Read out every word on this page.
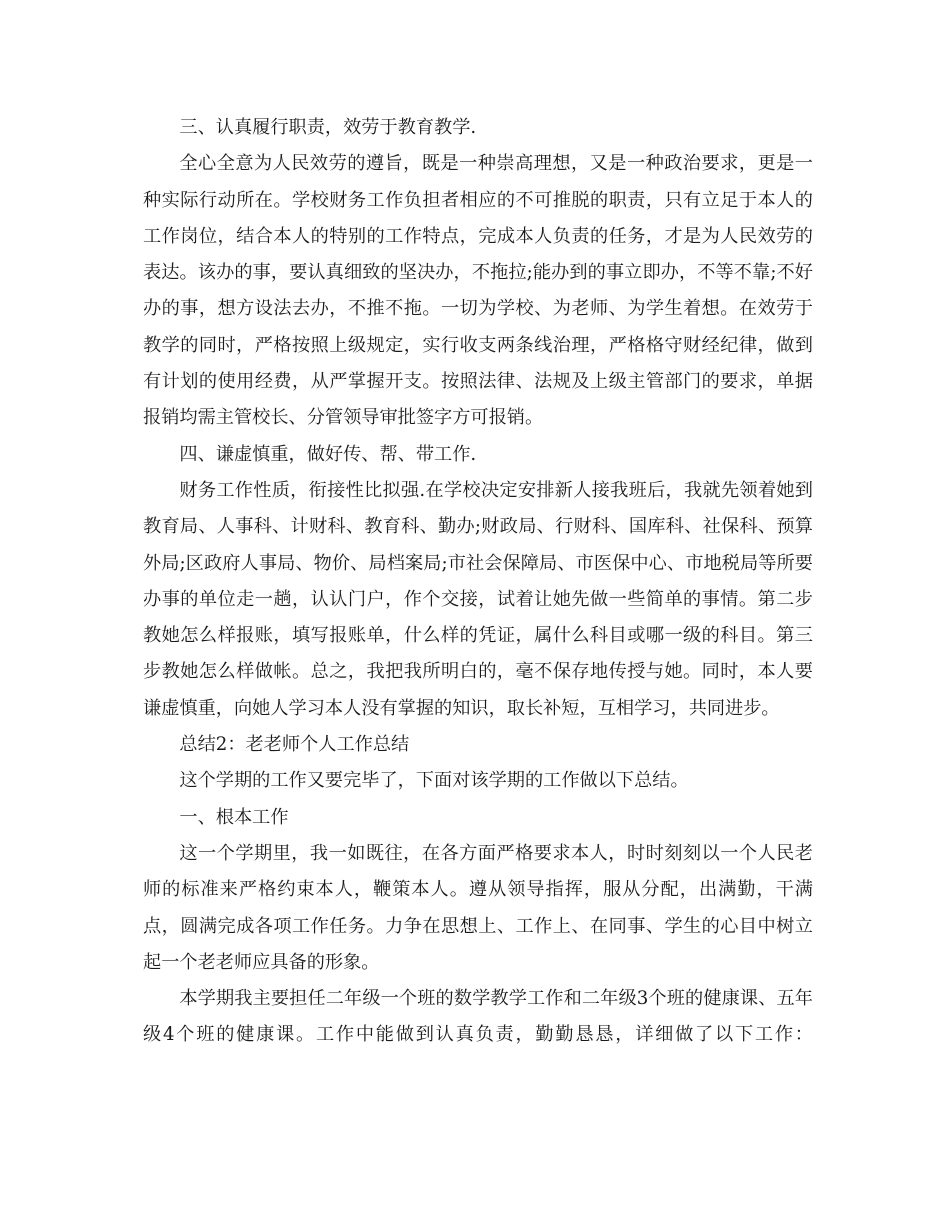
三、认真履行职责，效劳于教育教学.

全心全意为人民效劳的遵旨，既是一种崇高理想，又是一种政治要求，更是一种实际行动所在。学校财务工作负担者相应的不可推脱的职责，只有立足于本人的工作岗位，结合本人的特别的工作特点，完成本人负责的任务，才是为人民效劳的表达。该办的事，要认真细致的坚决办，不拖拉;能办到的事立即办，不等不靠;不好办的事，想方设法去办，不推不拖。一切为学校、为老师、为学生着想。在效劳于教学的同时，严格按照上级规定，实行收支两条线治理，严格格守财经纪律，做到有计划的使用经费，从严掌握开支。按照法律、法规及上级主管部门的要求，单据报销均需主管校长、分管领导审批签字方可报销。

四、谦虚慎重，做好传、帮、带工作.

财务工作性质，衔接性比拟强.在学校决定安排新人接我班后，我就先领着她到教育局、人事科、计财科、教育科、勤办;财政局、行财科、国库科、社保科、预算外局;区政府人事局、物价、局档案局;市社会保障局、市医保中心、市地税局等所要办事的单位走一趟，认认门户，作个交接，试着让她先做一些简单的事情。第二步教她怎么样报账，填写报账单，什么样的凭证，属什么科目或哪一级的科目。第三步教她怎么样做帐。总之，我把我所明白的，毫不保存地传授与她。同时，本人要谦虚慎重，向她人学习本人没有掌握的知识，取长补短，互相学习，共同进步。

总结2：老老师个人工作总结

这个学期的工作又要完毕了，下面对该学期的工作做以下总结。

一、根本工作

这一个学期里，我一如既往，在各方面严格要求本人，时时刻刻以一个人民老师的标准来严格约束本人，鞭策本人。遵从领导指挥，服从分配，出满勤，干满点，圆满完成各项工作任务。力争在思想上、工作上、在同事、学生的心目中树立起一个老老师应具备的形象。

本学期我主要担任二年级一个班的数学教学工作和二年级3个班的健康课、五年级4个班的健康课。工作中能做到认真负责，勤勤恳恳，详细做了以下工作：
